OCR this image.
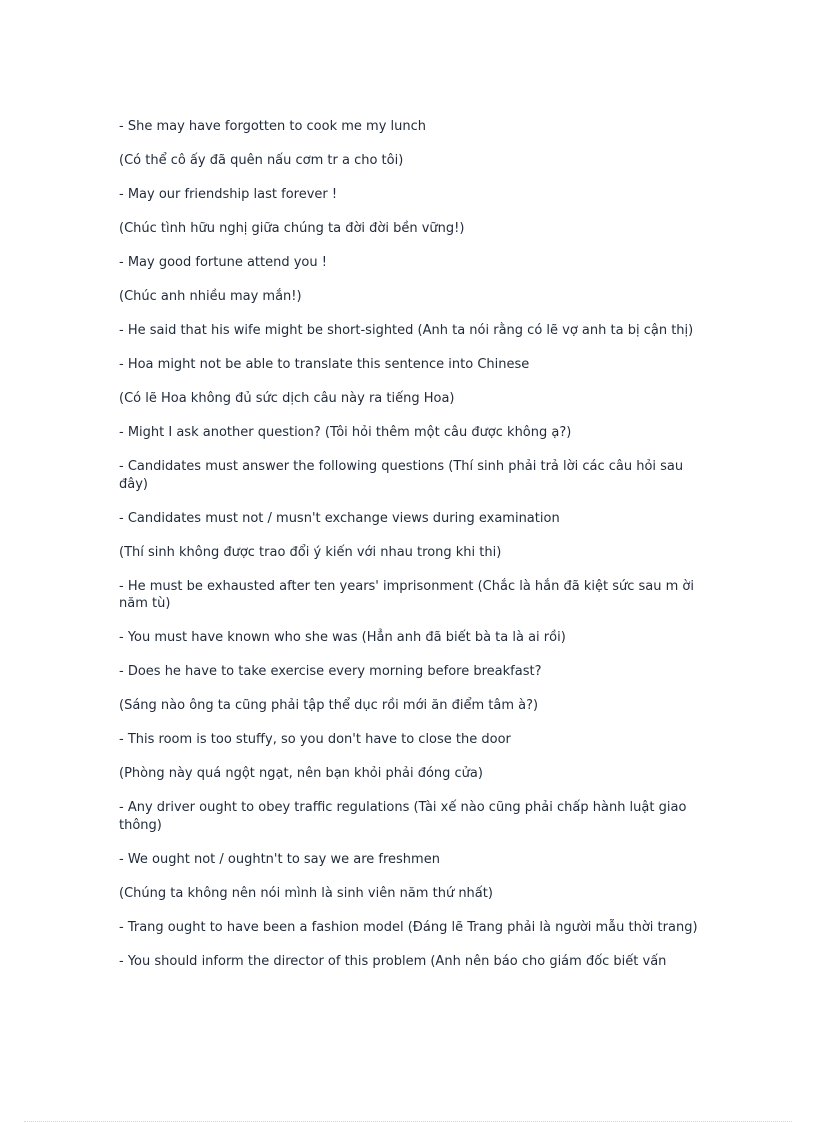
- She may have forgotten to cook me my lunch

(Có thể cô ấy đã quên nấu cơm tr a cho tôi)

- May our friendship last forever !

(Chúc tình hữu nghị giữa chúng ta đời đời bền vững!)

- May good fortune attend you !

(Chúc anh nhiều may mắn!)

- He said that his wife might be short-sighted (Anh ta nói rằng có lẽ vợ anh ta bị cận thị)

- Hoa might not be able to translate this sentence into Chinese

(Có lẽ Hoa không đủ sức dịch câu này ra tiếng Hoa)

- Might I ask another question? (Tôi hỏi thêm một câu được không ạ?)

- Candidates must answer the following questions (Thí sinh phải trả lời các câu hỏi sau đây)

- Candidates must not / musn't exchange views during examination

(Thí sinh không được trao đổi ý kiến với nhau trong khi thi)

- He must be exhausted after ten years' imprisonment (Chắc là hắn đã kiệt sức sau m ời năm tù)

- You must have known who she was (Hẳn anh đã biết bà ta là ai rồi)

- Does he have to take exercise every morning before breakfast?

(Sáng nào ông ta cũng phải tập thể dục rồi mới ăn điểm tâm à?)

- This room is too stuffy, so you don't have to close the door

(Phòng này quá ngột ngạt, nên bạn khỏi phải đóng cửa)

- Any driver ought to obey traffic regulations (Tài xế nào cũng phải chấp hành luật giao thông)

- We ought not / oughtn't to say we are freshmen

(Chúng ta không nên nói mình là sinh viên năm thứ nhất)

- Trang ought to have been a fashion model (Đáng lẽ Trang phải là người mẫu thời trang)

- You should inform the director of this problem (Anh nên báo cho giám đốc biết vấn
